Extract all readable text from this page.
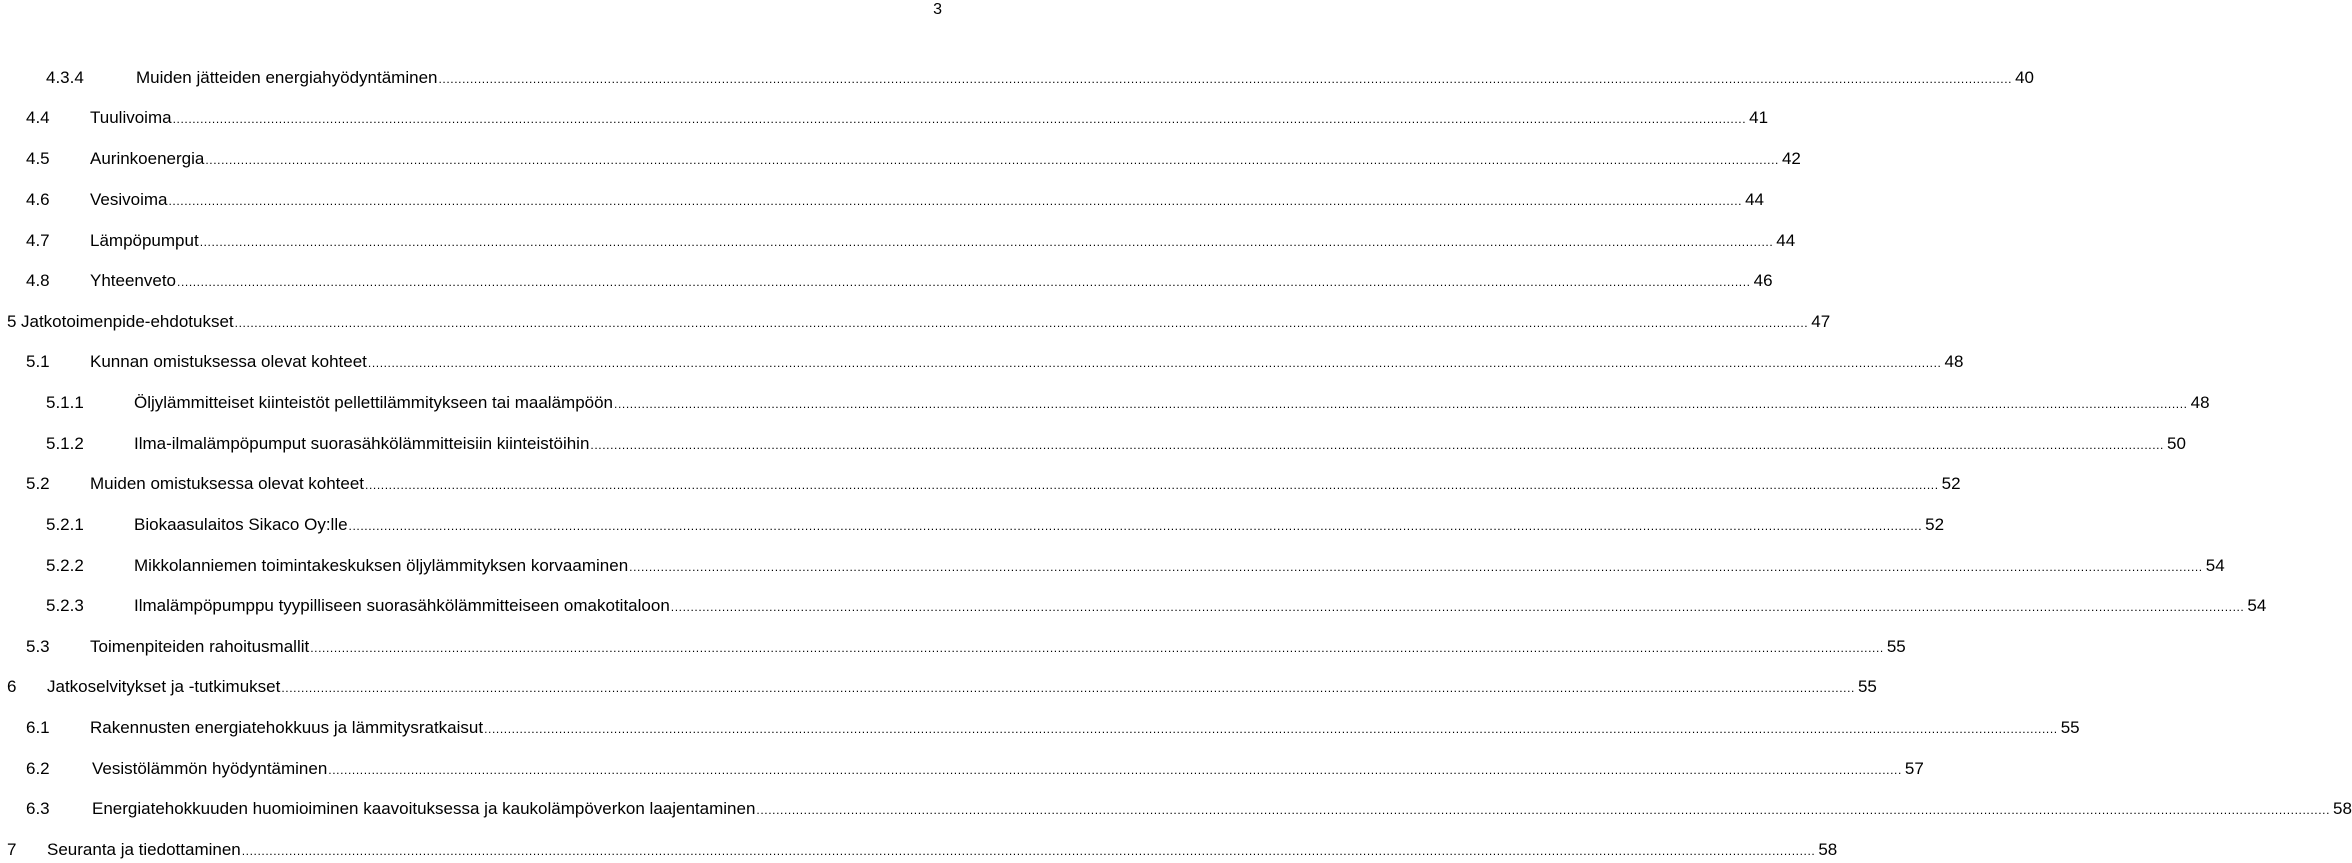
3
4.3.4	Muiden jätteiden energiahyödyntäminen ................................................................................................................................................................................................................................................................................................................................................................................................................ 40
4.4	Tuulivoima ................................................................................................................................................................................................................................................................................................................................................................................................................ 41
4.5	Aurinkoenergia ................................................................................................................................................................................................................................................................................................................................................................................................................ 42
4.6	Vesivoima ................................................................................................................................................................................................................................................................................................................................................................................................................ 44
4.7	Lämpöpumput ................................................................................................................................................................................................................................................................................................................................................................................................................ 44
4.8	Yhteenveto ................................................................................................................................................................................................................................................................................................................................................................................................................ 46
5 Jatkotoimenpide-ehdotukset ................................................................................................................................................................................................................................................................................................................................................................................................................ 47
5.1	Kunnan omistuksessa olevat kohteet ................................................................................................................................................................................................................................................................................................................................................................................................................ 48
5.1.1	Öljylämmitteiset kiinteistöt pellettilämmitykseen tai maalämpöön ................................................................................................................................................................................................................................................................................................................................................................................................................ 48
5.1.2	Ilma-ilmalämpöpumput suorasähkölämmitteisiin kiinteistöihin ................................................................................................................................................................................................................................................................................................................................................................................................................ 50
5.2	Muiden omistuksessa olevat kohteet ................................................................................................................................................................................................................................................................................................................................................................................................................ 52
5.2.1	Biokaasulaitos Sikaco Oy:lle ................................................................................................................................................................................................................................................................................................................................................................................................................ 52
5.2.2	Mikkolanniemen toimintakeskuksen öljylämmityksen korvaaminen ................................................................................................................................................................................................................................................................................................................................................................................................................ 54
5.2.3	Ilmalämpöpumppu tyypilliseen suorasähkölämmitteiseen omakotitaloon ................................................................................................................................................................................................................................................................................................................................................................................................................ 54
5.3	Toimenpiteiden rahoitusmallit ................................................................................................................................................................................................................................................................................................................................................................................................................ 55
6	Jatkoselvitykset ja -tutkimukset ................................................................................................................................................................................................................................................................................................................................................................................................................ 55
6.1	Rakennusten energiatehokkuus ja lämmitysratkaisut ................................................................................................................................................................................................................................................................................................................................................................................................................ 55
6.2	Vesistölämmön hyödyntäminen ................................................................................................................................................................................................................................................................................................................................................................................................................ 57
6.3	Energiatehokkuuden huomioiminen kaavoituksessa ja kaukolämpöverkon laajentaminen ................................................................................................................................................................................................................................................................................................................................................................................................................ 58
7	Seuranta ja tiedottaminen ................................................................................................................................................................................................................................................................................................................................................................................................................ 58
